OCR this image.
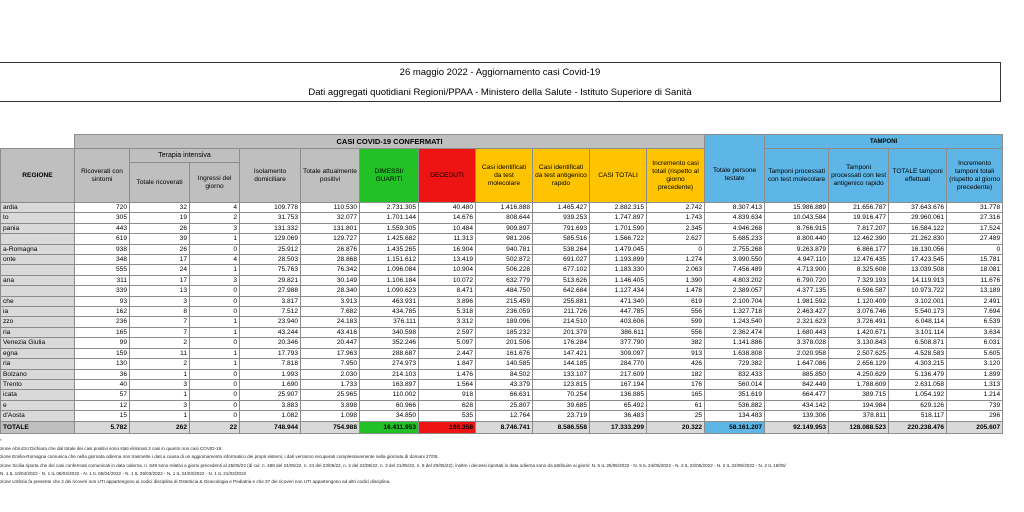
26 maggio 2022 - Aggiornamento casi Covid-19
Dati aggregati quotidiani Regioni/PPAA - Ministero della Salute - Istituto Superiore di Sanità
	CASI COVID-19 CONFERMATI												TAMPONI			
REGIONE	Ricoverati con sintomi	Terapia intensiva		Isolamento domiciliare	Totale attualmente positivi	DIMESSI/ GUARITI	DECEDUTI	Casi identificati da test molecolare	Casi identificati da test antigenico rapido	CASI TOTALI	Incremento casi totali (rispetto al giorno precedente)	Totale persone testate	Tamponi processati con test molecolare	Tamponi processati con test antigenico rapido	TOTALE tamponi effettuati	Incremento tamponi totali (rispetto al giorno precedente)
		Totale ricoverati	Ingressi del giorno													
ardia	720	32	4	109.778	110.530	2.731.305	40.480	1.416.888	1.465.427	2.882.315	2.742	8.307.413	15.986.889	21.656.787	37.643.676	31.778
to	305	19	2	31.753	32.077	1.701.144	14.676	808.644	939.253	1.747.897	1.743	4.839.634	10.043.584	19.916.477	29.960.061	27.316
pania	443	26	3	131.332	131.801	1.559.305	10.484	909.897	791.693	1.701.590	2.345	4.946.268	8.766.915	7.817.207	16.584.122	17.524
	619	39	1	129.069	129.727	1.425.682	11.313	981.206	585.516	1.566.722	2.627	5.685.233	8.800.440	12.462.390	21.262.830	27.489
a-Romagna	938	26	0	25.912	26.876	1.435.265	16.904	940.781	538.264	1.479.045	0	2.755.268	9.263.879	6.866.177	16.130.056	0
onte	348	17	4	28.503	28.868	1.151.612	13.419	502.872	691.027	1.193.899	1.274	3.990.550	4.947.110	12.476.435	17.423.545	15.781
	555	24	1	75.763	76.342	1.096.084	10.904	506.228	677.102	1.183.330	2.063	7.456.489	4.713.900	8.325.608	13.039.508	18.081
ana	311	17	3	29.821	30.149	1.106.184	10.072	632.779	513.626	1.146.405	1.390	4.803.202	6.790.720	7.329.193	14.119.913	11.676
	339	13	0	27.988	28.340	1.090.623	8.471	484.750	642.684	1.127.434	1.478	2.389.057	4.377.135	6.596.587	10.973.722	13.189
che	93	3	0	3.817	3.913	463.931	3.896	215.459	255.881	471.340	619	2.100.704	1.981.592	1.120.409	3.102.001	2.491
ia	162	8	0	7.512	7.682	434.785	5.318	236.059	211.726	447.785	556	1.327.718	2.463.427	3.076.746	5.540.173	7.694
zzo	236	7	1	23.940	24.183	376.111	3.312	189.096	214.510	403.606	599	1.243.540	2.321.623	3.726.491	6.048.114	6.539
ria	165	7	1	43.244	43.416	340.598	2.597	185.232	201.379	386.611	556	2.362.474	1.680.443	1.420.671	3.101.114	3.634
Venezia Giulia	99	2	0	20.346	20.447	352.246	5.097	201.506	176.284	377.790	382	1.141.886	3.378.028	3.130.843	6.508.871	6.031
egna	159	11	1	17.793	17.963	288.687	2.447	161.676	147.421	309.097	913	1.638.808	2.020.958	2.507.625	4.528.583	5.605
ria	130	2	1	7.818	7.950	274.973	1.847	140.585	144.185	284.770	426	729.382	1.647.086	2.656.129	4.303.215	3.120
Bolzano	36	1	0	1.993	2.030	214.103	1.476	84.502	133.107	217.609	182	832.433	885.850	4.250.629	5.136.479	1.899
Trento	40	3	0	1.690	1.733	163.897	1.564	43.379	123.815	167.194	176	560.014	842.449	1.788.609	2.631.058	1.313
icata	57	1	0	25.907	25.965	110.002	918	66.631	70.254	136.885	165	351.619	664.477	389.715	1.054.192	1.214
e	12	3	0	3.883	3.898	60.966	628	25.807	39.685	65.492	61	536.882	434.142	194.984	629.126	739
d'Aosta	15	1	0	1.082	1.098	34.850	535	12.764	23.719	36.483	25	134.483	139.306	378.811	518.117	296
TOTALE	5.782	262	22	748.944	754.988	16.411.953	166.358	8.746.741	8.586.558	17.333.299	20.322	58.161.207	92.149.953	128.088.523	220.238.476	205.607
*
zione Abruzzo:Dichiara che dal totale dei casi positivi sono stati eliminati 3 casi in quanto non casi COVID-19.
zione Emilia-Romagna comunica che nella giornata odierna non trasmette i dati a causa di un aggiornamento informatico dei propri sistemi; i dati verranno recuperati complessivamente nella giornata di domani 27/05.
zione Sicilia riporta che dei casi confermati comunicati in data odierna, n. 548 sono relativi a giorni precedenti al 25/05/22 (di cui: n. 488 del 24/05/22, n. 24 del 23/05/22, n. 2 del 22/05/22, n. 3 del 21/05/22, n. 9 del 20/05/22); inoltre i decessi riportati in data odierna sono da attribuire ai giorni: N. 5 IL 25/05/2022 - N. 5 IL 24/05/2022 - N. 2 IL 23/05/2022 - N. 2 IL 22/05/2022 - N. 2 IL 18/05/
N. 1 IL 10/04/2022 - N. 1 IL 08/04/2022 - N. 1 IL 05/04/2022 - N. 1 IL 29/03/2022 - N. 1 IL 24/03/2022 - N. 1 IL 21/03/2022
zione Umbria fa presente che 2 dei ricoveri non UTI appartengono ai codici disciplina di Ostetricia & Ginecologia e Pediatria e che 37 dei ricoveri non UTI appartengono ad altri codici disciplina.
